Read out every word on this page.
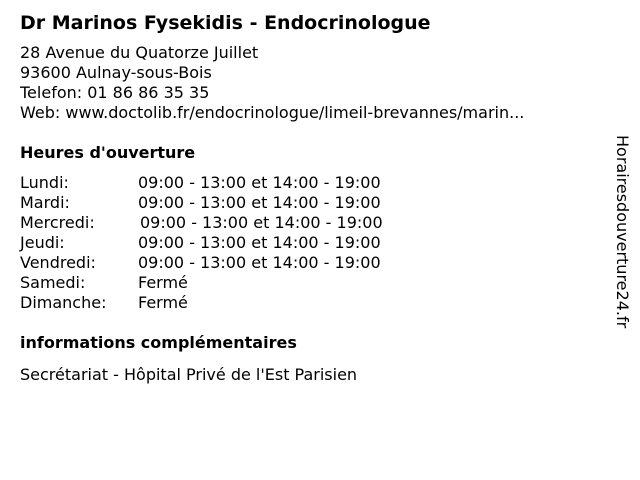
Dr Marinos Fysekidis - Endocrinologue
28 Avenue du Quatorze Juillet
93600 Aulnay-sous-Bois
Telefon: 01 86 86 35 35
Web: www.doctolib.fr/endocrinologue/limeil-brevannes/marin...
Heures d'ouverture
Lundi:	09:00 - 13:00 et 14:00 - 19:00
Mardi:	09:00 - 13:00 et 14:00 - 19:00
Mercredi:	09:00 - 13:00 et 14:00 - 19:00
Jeudi:	09:00 - 13:00 et 14:00 - 19:00
Vendredi:	09:00 - 13:00 et 14:00 - 19:00
Samedi:	Fermé
Dimanche: Fermé
informations complémentaires
Secrétariat - Hôpital Privé de l'Est Parisien
Horairesdouverture24.fr
